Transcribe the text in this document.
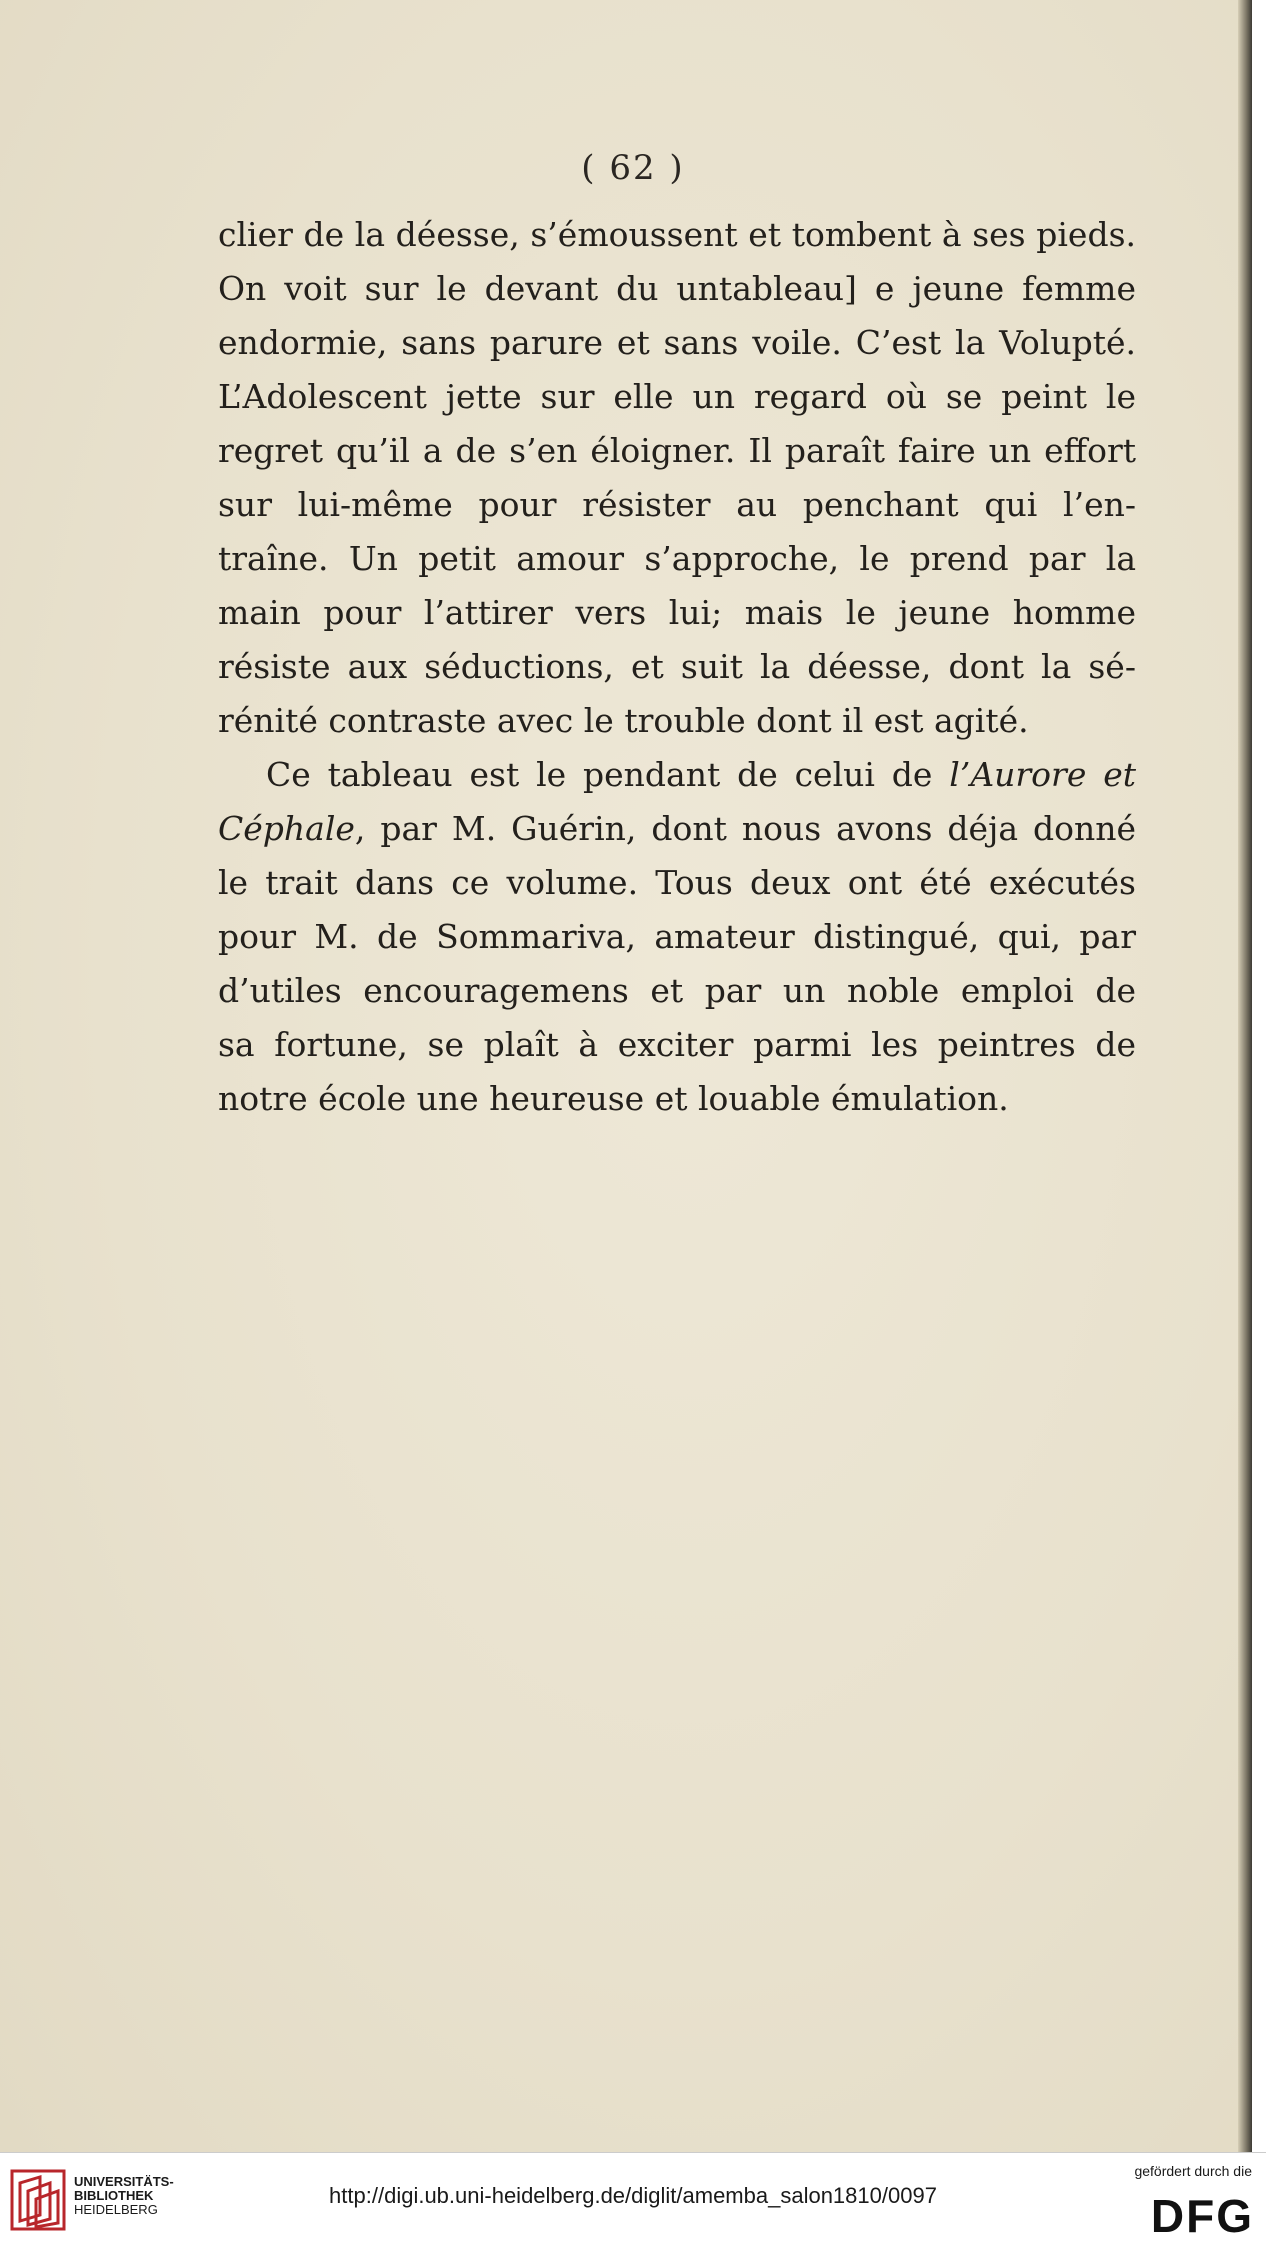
( 62 )
clier de la déesse, s’émoussent et tombent à ses pieds.
On voit sur le devant du untableau] e jeune femme
endormie, sans parure et sans voile. C’est la Volupté.
L’Adolescent jette sur elle un regard où se peint le
regret qu’il a de s’en éloigner. Il paraît faire un effort
sur lui-même pour résister au penchant qui l’en-
traîne. Un petit amour s’approche, le prend par la
main pour l’attirer vers lui; mais le jeune homme
résiste aux séductions, et suit la déesse, dont la sé-
rénité contraste avec le trouble dont il est agité.
Ce tableau est le pendant de celui de l’Aurore et
Céphale, par M. Guérin, dont nous avons déja donné
le trait dans ce volume. Tous deux ont été exécutés
pour M. de Sommariva, amateur distingué, qui, par
d’utiles encouragemens et par un noble emploi de
sa fortune, se plaît à exciter parmi les peintres de
notre école une heureuse et louable émulation.
UNIVERSITÄTS-
BIBLIOTHEK
HEIDELBERG
http://digi.ub.uni-heidelberg.de/diglit/amemba_salon1810/0097
gefördert durch die
DFG
